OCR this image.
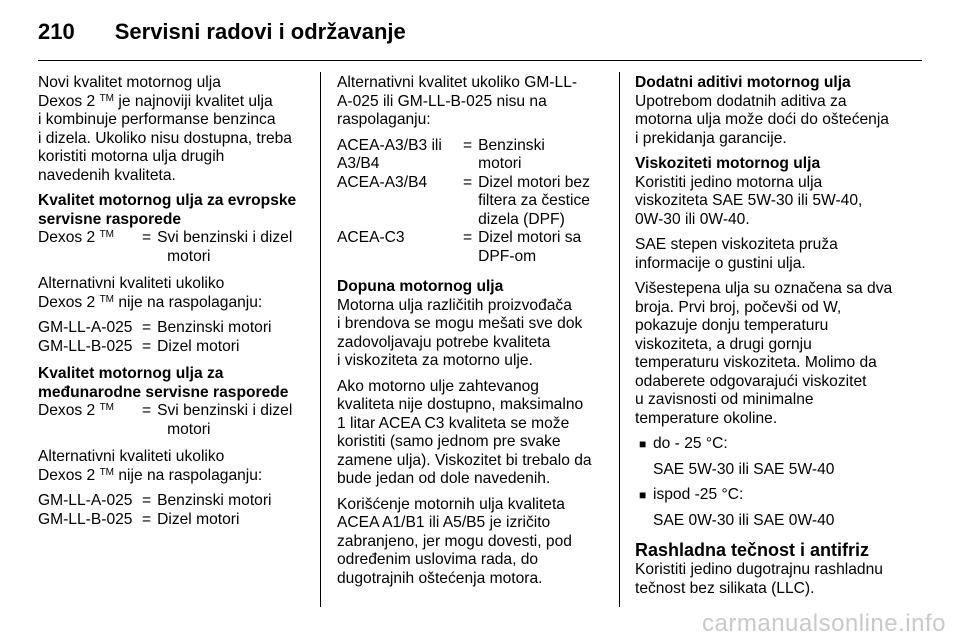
210 Servisni radovi i održavanje

Novi kvalitet motornog ulja
Dexos 2 ™ je najnoviji kvalitet ulja
i kombinuje performanse benzinca
i dizela. Ukoliko nisu dostupna, treba
koristiti motorna ulja drugih
navedenih kvaliteta.

Kvalitet motornog ulja za evropske
servisne rasporede
Dexos 2 ™	=	Svi benzinski i dizel
motori

Alternativni kvaliteti ukoliko
Dexos 2 ™ nije na raspolaganju:

GM-LL-A-025	=	Benzinski motori
GM-LL-B-025	=	Dizel motori
Kvalitet motornog ulja za
međunarodne servisne rasporede
Dexos 2 ™	=	Svi benzinski i dizel
motori

Alternativni kvaliteti ukoliko
Dexos 2 ™ nije na raspolaganju:

GM-LL-A-025	=	Benzinski motori
GM-LL-B-025	=	Dizel motori

Alternativni kvalitet ukoliko GM-LL-
A-025 ili GM-LL-B-025 nisu na
raspolaganju:

ACEA-A3/B3 ili
A3/B4	=	Benzinski
motori

ACEA-A3/B4	=	Dizel motori bez
filtera za čestice
dizela (DPF)

ACEA-C3	=	Dizel motori sa
DPF-om
Dopuna motornog ulja

Motorna ulja različitih proizvođača
i brendova se mogu mešati sve dok
zadovoljavaju potrebe kvaliteta
i viskoziteta za motorno ulje.

Ako motorno ulje zahtevanog
kvaliteta nije dostupno, maksimalno
1 litar ACEA C3 kvaliteta se može
koristiti (samo jednom pre svake
zamene ulja). Viskozitet bi trebalo da
bude jedan od dole navedenih.

Korišćenje motornih ulja kvaliteta
ACEA A1/B1 ili A5/B5 je izričito
zabranjeno, jer mogu dovesti, pod
određenim uslovima rada, do
dugotrajnih oštećenja motora.

Dodatni aditivi motornog ulja

Upotrebom dodatnih aditiva za
motorna ulja može doći do oštećenja
i prekidanja garancije.

Viskoziteti motornog ulja

Koristiti jedino motorna ulja
viskoziteta SAE 5W-30 ili 5W-40,
0W-30 ili 0W-40.

SAE stepen viskoziteta pruža
informacije o gustini ulja.

Višestepena ulja su označena sa dva
broja. Prvi broj, počevši od W,
pokazuje donju temperaturu
viskoziteta, a drugi gornju
temperaturu viskoziteta. Molimo da
odaberete odgovarajući viskozitet
u zavisnosti od minimalne
temperature okoline.

■ do - 25 °C:

SAE 5W-30 ili SAE 5W-40

■ ispod -25 °C:

SAE 0W-30 ili SAE 0W-40

Rashladna tečnost i antifriz

Koristiti jedino dugotrajnu rashladnu
tečnost bez silikata (LLC).

carmanualsonline.info
